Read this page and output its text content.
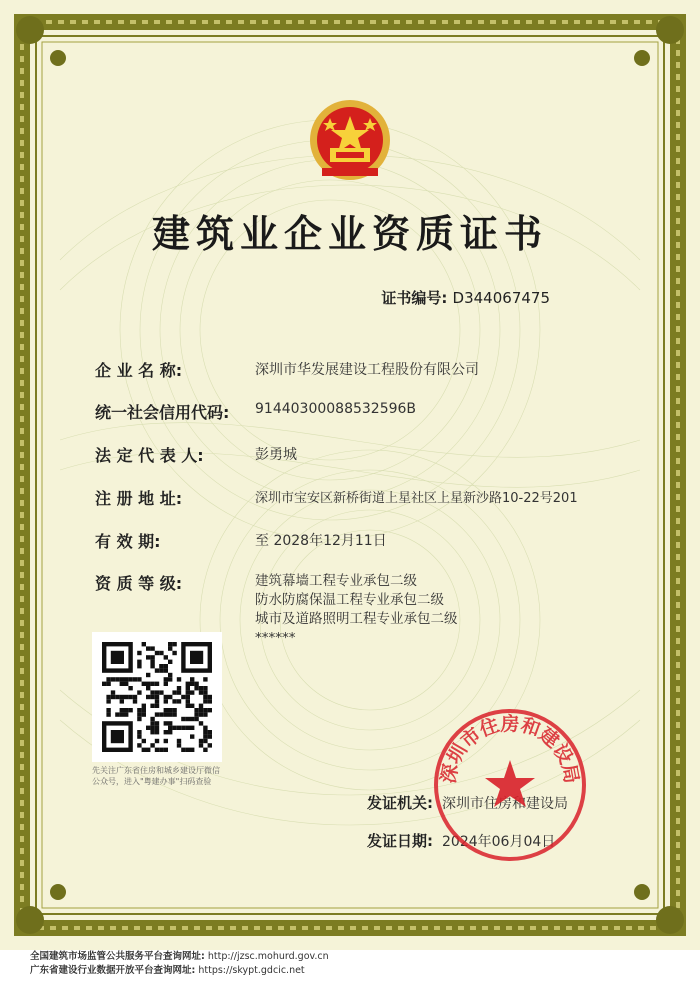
建筑业企业资质证书
证书编号: D344067475
企 业 名 称:	深圳市华发展建设工程股份有限公司
统一社会信用代码:	91440300088532596B
法 定 代 表 人:	彭勇城
注 册 地 址:	深圳市宝安区新桥街道上星社区上星新沙路10-22号201
有 效 期:	至 2028年12月11日
资 质 等 级:	建筑幕墙工程专业承包二级
防水防腐保温工程专业承包二级
城市及道路照明工程专业承包二级
******
先关注广东省住房和城乡建设厅微信公众号，进入"粤建办事"扫码查验
发证机关: 深圳市住房和建设局
发证日期: 2024年06月04日
深圳市住房和建设局
全国建筑市场监管公共服务平台查询网址: http://jzsc.mohurd.gov.cn
广东省建设行业数据开放平台查询网址: https://skypt.gdcic.net
